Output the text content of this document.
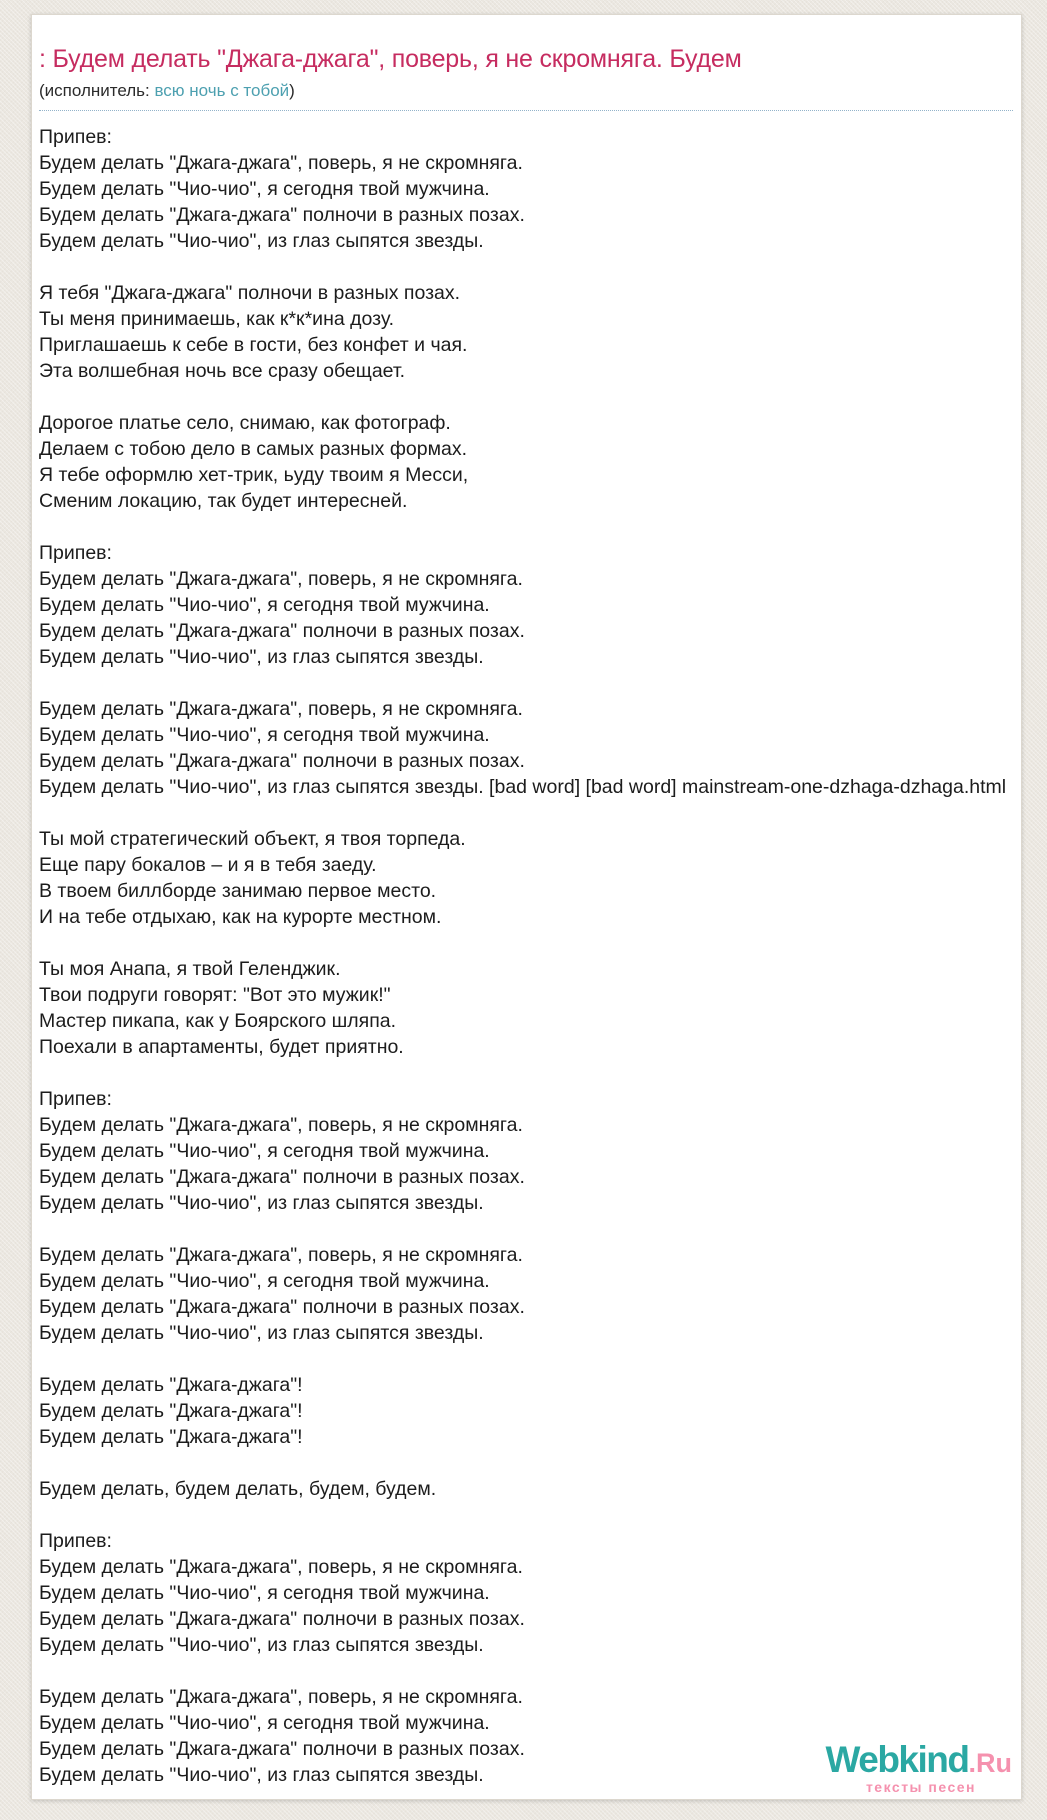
: Будем делать "Джага-джага", поверь, я не скромняга. Будем
(исполнитель: всю ночь с тобой)
Припев:
Будем делать "Джага-джага", поверь, я не скромняга.
Будем делать "Чио-чио", я сегодня твой мужчина.
Будем делать "Джага-джага" полночи в разных позах.
Будем делать "Чио-чио", из глаз сыпятся звезды.
Я тебя "Джага-джага" полночи в разных позах.
Ты меня принимаешь, как к*к*ина дозу.
Приглашаешь к себе в гости, без конфет и чая.
Эта волшебная ночь все сразу обещает.
Дорогое платье село, снимаю, как фотограф.
Делаем с тобою дело в самых разных формах.
Я тебе оформлю хет-трик, ьуду твоим я Месси,
Сменим локацию, так будет интересней.
Припев:
Будем делать "Джага-джага", поверь, я не скромняга.
Будем делать "Чио-чио", я сегодня твой мужчина.
Будем делать "Джага-джага" полночи в разных позах.
Будем делать "Чио-чио", из глаз сыпятся звезды.
Будем делать "Джага-джага", поверь, я не скромняга.
Будем делать "Чио-чио", я сегодня твой мужчина.
Будем делать "Джага-джага" полночи в разных позах.
Будем делать "Чио-чио", из глаз сыпятся звезды. [bad word] [bad word] mainstream-one-dzhaga-dzhaga.html
Ты мой стратегический объект, я твоя торпеда.
Еще пару бокалов – и я в тебя заеду.
В твоем биллборде занимаю первое место.
И на тебе отдыхаю, как на курорте местном.
Ты моя Анапа, я твой Геленджик.
Твои подруги говорят: "Вот это мужик!"
Мастер пикапа, как у Боярского шляпа.
Поехали в апартаменты, будет приятно.
Припев:
Будем делать "Джага-джага", поверь, я не скромняга.
Будем делать "Чио-чио", я сегодня твой мужчина.
Будем делать "Джага-джага" полночи в разных позах.
Будем делать "Чио-чио", из глаз сыпятся звезды.
Будем делать "Джага-джага", поверь, я не скромняга.
Будем делать "Чио-чио", я сегодня твой мужчина.
Будем делать "Джага-джага" полночи в разных позах.
Будем делать "Чио-чио", из глаз сыпятся звезды.
Будем делать "Джага-джага"!
Будем делать "Джага-джага"!
Будем делать "Джага-джага"!
Будем делать, будем делать, будем, будем.
Припев:
Будем делать "Джага-джага", поверь, я не скромняга.
Будем делать "Чио-чио", я сегодня твой мужчина.
Будем делать "Джага-джага" полночи в разных позах.
Будем делать "Чио-чио", из глаз сыпятся звезды.
Будем делать "Джага-джага", поверь, я не скромняга.
Будем делать "Чио-чио", я сегодня твой мужчина.
Будем делать "Джага-джага" полночи в разных позах.
Будем делать "Чио-чио", из глаз сыпятся звезды.	Webkind.Ru
тексты песен
